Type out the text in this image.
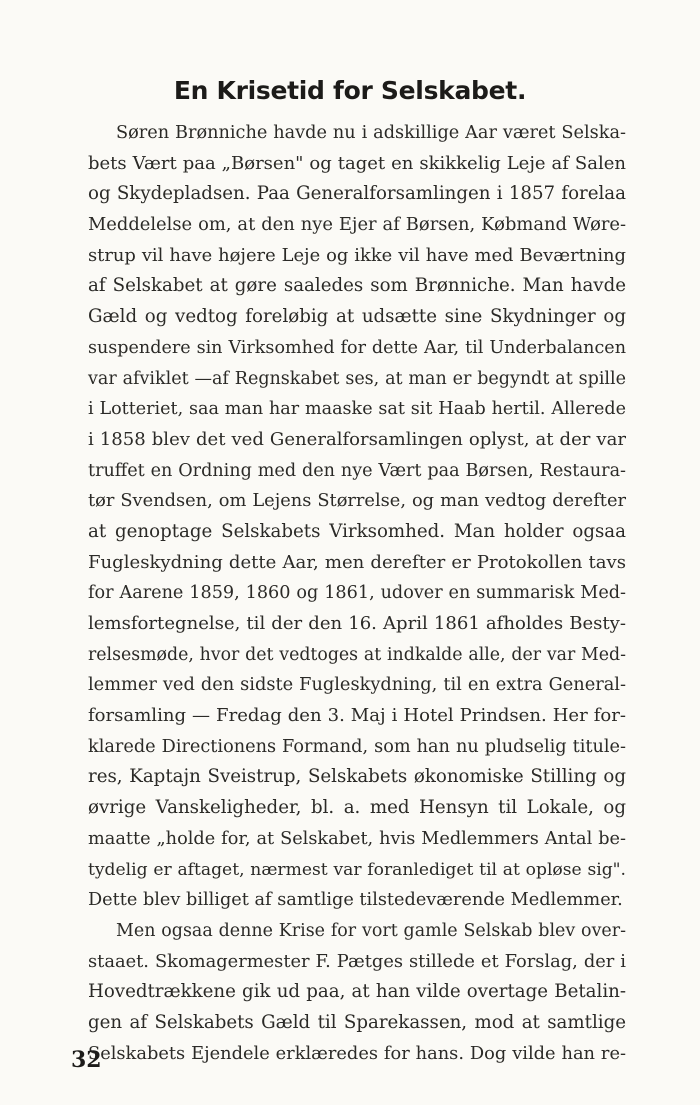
En Krisetid for Selskabet.
Søren Brønniche havde nu i adskillige Aar været Selska-
bets Vært paa „Børsen" og taget en skikkelig Leje af Salen
og Skydepladsen. Paa Generalforsamlingen i 1857 forelaa
Meddelelse om, at den nye Ejer af Børsen, Købmand Wøre-
strup vil have højere Leje og ikke vil have med Beværtning
af Selskabet at gøre saaledes som Brønniche. Man havde
Gæld og vedtog foreløbig at udsætte sine Skydninger og
suspendere sin Virksomhed for dette Aar, til Underbalancen
var afviklet —af Regnskabet ses, at man er begyndt at spille
i Lotteriet, saa man har maaske sat sit Haab hertil. Allerede
i 1858 blev det ved Generalforsamlingen oplyst, at der var
truffet en Ordning med den nye Vært paa Børsen, Restaura-
tør Svendsen, om Lejens Størrelse, og man vedtog derefter
at genoptage Selskabets Virksomhed. Man holder ogsaa
Fugleskydning dette Aar, men derefter er Protokollen tavs
for Aarene 1859, 1860 og 1861, udover en summarisk Med-
lemsfortegnelse, til der den 16. April 1861 afholdes Besty-
relsesmøde, hvor det vedtoges at indkalde alle, der var Med-
lemmer ved den sidste Fugleskydning, til en extra General-
forsamling — Fredag den 3. Maj i Hotel Prindsen. Her for-
klarede Directionens Formand, som han nu pludselig titule-
res, Kaptajn Sveistrup, Selskabets økonomiske Stilling og
øvrige Vanskeligheder, bl. a. med Hensyn til Lokale, og
maatte „holde for, at Selskabet, hvis Medlemmers Antal be-
tydelig er aftaget, nærmest var foranlediget til at opløse sig".
Dette blev billiget af samtlige tilstedeværende Medlemmer.
Men ogsaa denne Krise for vort gamle Selskab blev over-
staaet. Skomagermester F. Pætges stillede et Forslag, der i
Hovedtrækkene gik ud paa, at han vilde overtage Betalin-
gen af Selskabets Gæld til Sparekassen, mod at samtlige
Selskabets Ejendele erklæredes for hans. Dog vilde han re-
32
